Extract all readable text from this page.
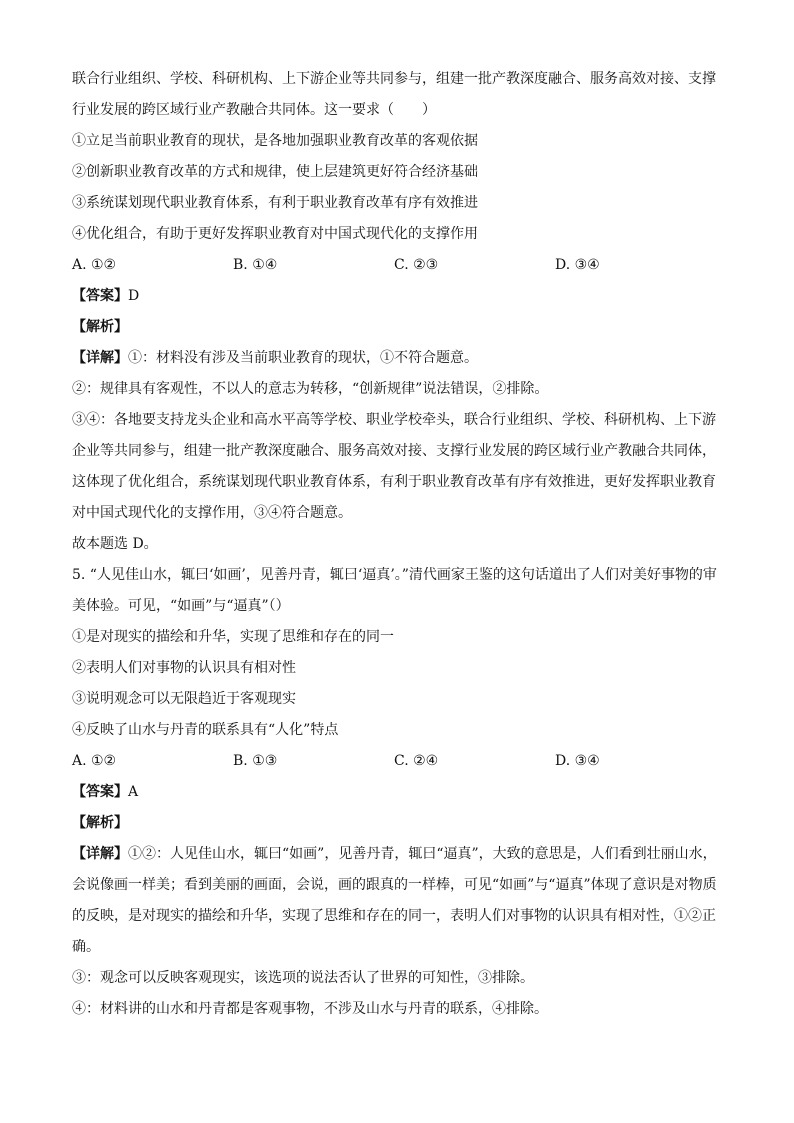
联合行业组织、学校、科研机构、上下游企业等共同参与，组建一批产教深度融合、服务高效对接、支撑
行业发展的跨区域行业产教融合共同体。这一要求（　　）
①立足当前职业教育的现状，是各地加强职业教育改革的客观依据
②创新职业教育改革的方式和规律，使上层建筑更好符合经济基础
③系统谋划现代职业教育体系，有利于职业教育改革有序有效推进
④优化组合，有助于更好发挥职业教育对中国式现代化的支撑作用
A. ①②	B. ①④	C. ②③	D. ③④
【答案】D
【解析】
【详解】①：材料没有涉及当前职业教育的现状，①不符合题意。
②：规律具有客观性，不以人的意志为转移，“创新规律”说法错误，②排除。
③④：各地要支持龙头企业和高水平高等学校、职业学校牵头，联合行业组织、学校、科研机构、上下游
企业等共同参与，组建一批产教深度融合、服务高效对接、支撑行业发展的跨区域行业产教融合共同体，
这体现了优化组合，系统谋划现代职业教育体系，有利于职业教育改革有序有效推进，更好发挥职业教育
对中国式现代化的支撑作用，③④符合题意。
故本题选 D。
5. “人见佳山水，辄曰‘如画’，见善丹青，辄曰‘逼真’。”清代画家王鉴的这句话道出了人们对美好事物的审
美体验。可见，“如画”与“逼真”（）
①是对现实的描绘和升华，实现了思维和存在的同一
②表明人们对事物的认识具有相对性
③说明观念可以无限趋近于客观现实
④反映了山水与丹青的联系具有“人化”特点
A. ①②	B. ①③	C. ②④	D. ③④
【答案】A
【解析】
【详解】①②：人见佳山水，辄曰“如画”，见善丹青，辄曰“逼真”，大致的意思是，人们看到壮丽山水，
会说像画一样美；看到美丽的画面，会说，画的跟真的一样棒，可见“如画”与“逼真”体现了意识是对物质
的反映，是对现实的描绘和升华，实现了思维和存在的同一，表明人们对事物的认识具有相对性，①②正
确。
③：观念可以反映客观现实，该选项的说法否认了世界的可知性，③排除。
④：材料讲的山水和丹青都是客观事物，不涉及山水与丹青的联系，④排除。
